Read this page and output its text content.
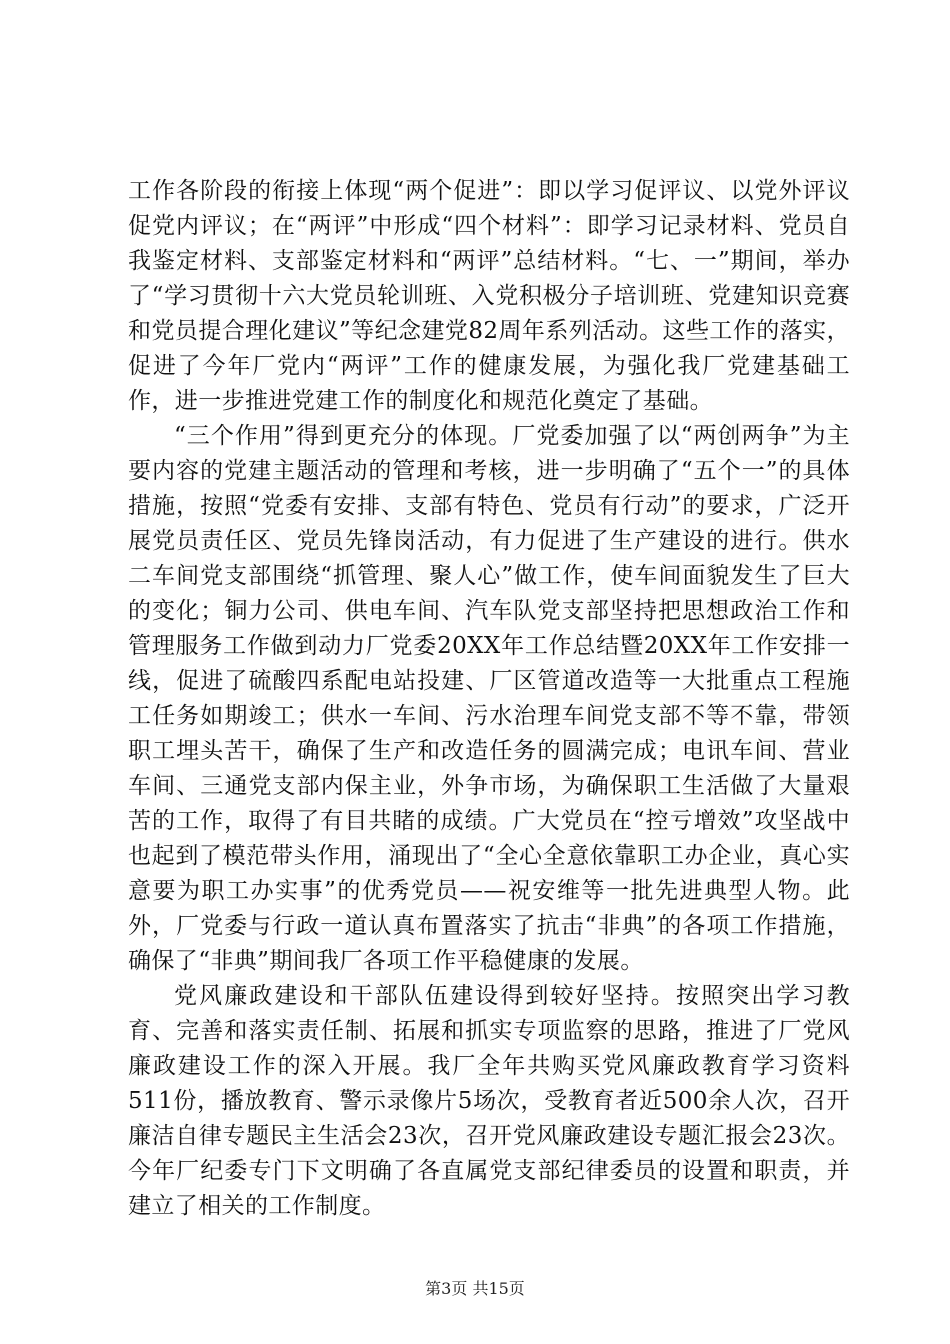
工作各阶段的衔接上体现“两个促进”：即以学习促评议、以党外评议促党内评议；在“两评”中形成“四个材料”：即学习记录材料、党员自我鉴定材料、支部鉴定材料和“两评”总结材料。“七、一”期间，举办了“学习贯彻十六大党员轮训班、入党积极分子培训班、党建知识竞赛和党员提合理化建议”等纪念建党82周年系列活动。这些工作的落实，促进了今年厂党内“两评”工作的健康发展，为强化我厂党建基础工作，进一步推进党建工作的制度化和规范化奠定了基础。

“三个作用”得到更充分的体现。厂党委加强了以“两创两争”为主要内容的党建主题活动的管理和考核，进一步明确了“五个一”的具体措施，按照“党委有安排、支部有特色、党员有行动”的要求，广泛开展党员责任区、党员先锋岗活动，有力促进了生产建设的进行。供水二车间党支部围绕“抓管理、聚人心”做工作，使车间面貌发生了巨大的变化；铜力公司、供电车间、汽车队党支部坚持把思想政治工作和管理服务工作做到动力厂党委20XX年工作总结暨20XX年工作安排一线，促进了硫酸四系配电站投建、厂区管道改造等一大批重点工程施工任务如期竣工；供水一车间、污水治理车间党支部不等不靠，带领职工埋头苦干，确保了生产和改造任务的圆满完成；电讯车间、营业车间、三通党支部内保主业，外争市场，为确保职工生活做了大量艰苦的工作，取得了有目共睹的成绩。广大党员在“控亏增效”攻坚战中也起到了模范带头作用，涌现出了“全心全意依靠职工办企业，真心实意要为职工办实事”的优秀党员——祝安维等一批先进典型人物。此外，厂党委与行政一道认真布置落实了抗击“非典”的各项工作措施，确保了“非典”期间我厂各项工作平稳健康的发展。

党风廉政建设和干部队伍建设得到较好坚持。按照突出学习教育、完善和落实责任制、拓展和抓实专项监察的思路，推进了厂党风廉政建设工作的深入开展。我厂全年共购买党风廉政教育学习资料511份，播放教育、警示录像片5场次，受教育者近500余人次，召开廉洁自律专题民主生活会23次，召开党风廉政建设专题汇报会23次。今年厂纪委专门下文明确了各直属党支部纪律委员的设置和职责，并建立了相关的工作制度。

第3页 共15页
